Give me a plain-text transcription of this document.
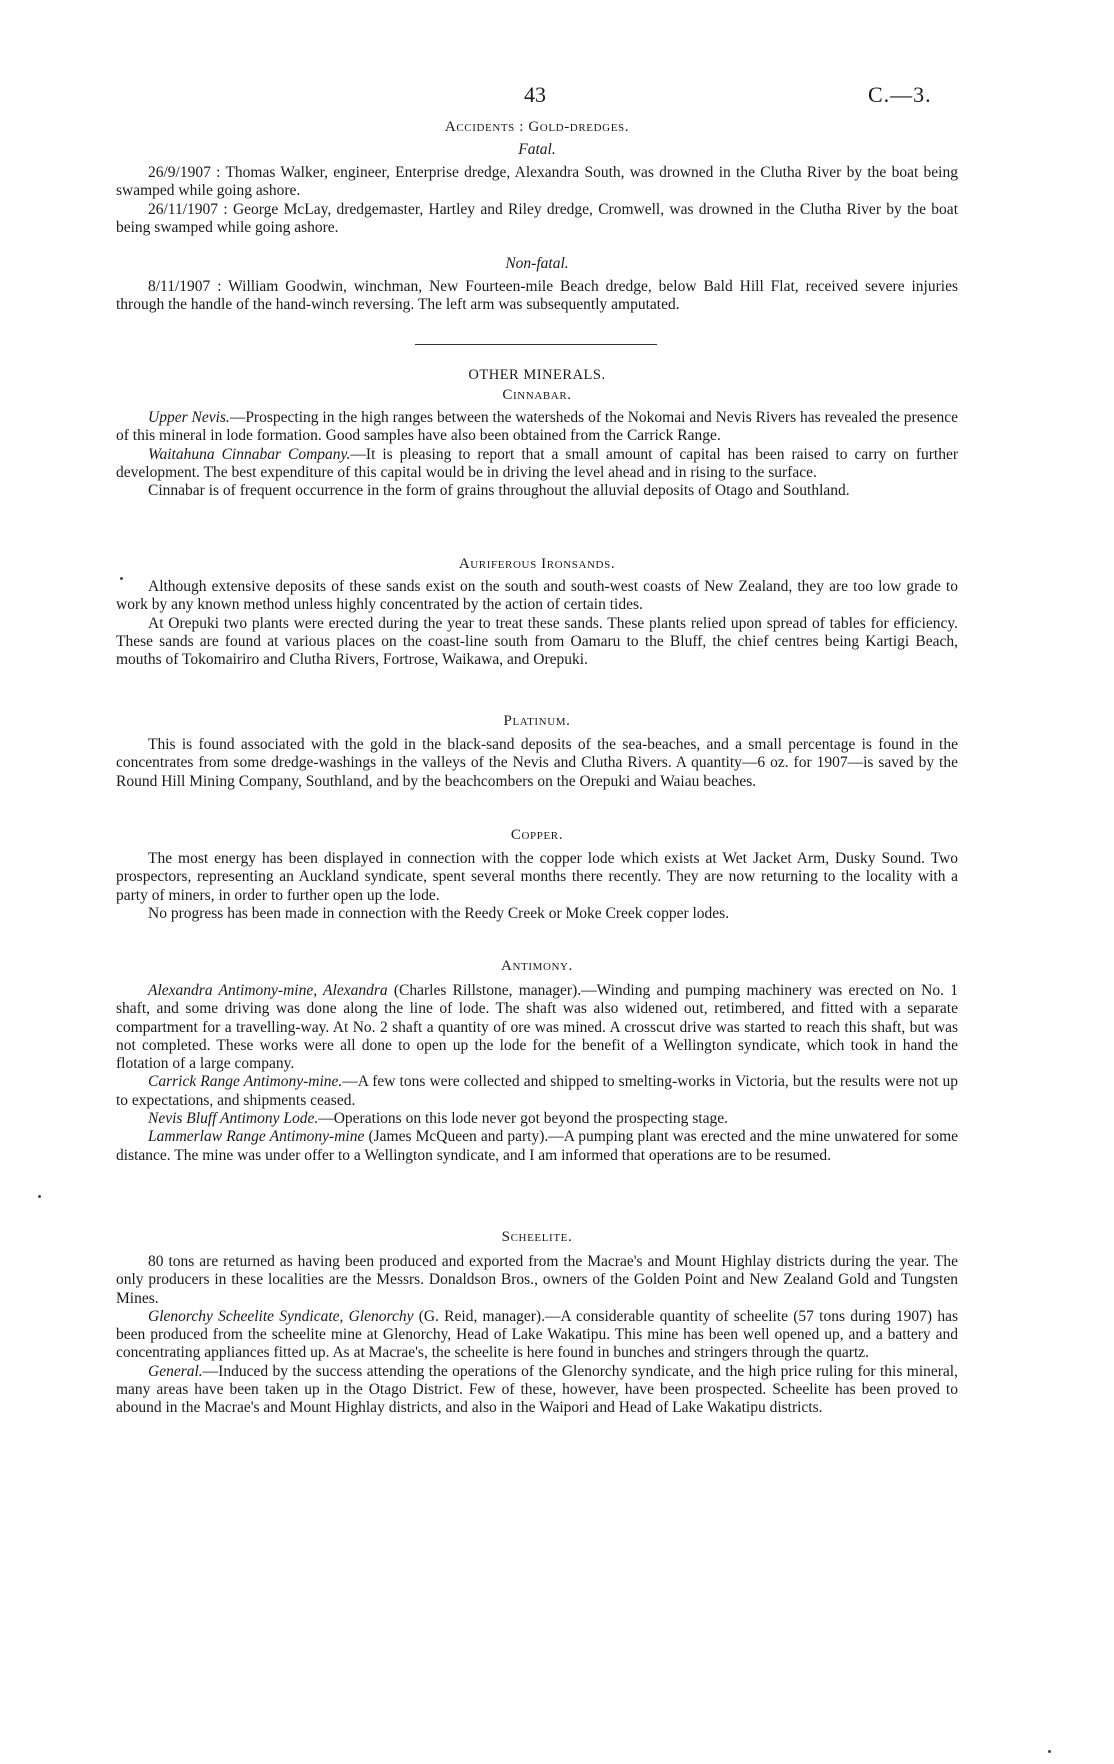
43	C.—3.
Accidents : Gold-dredges.
Fatal.

26/9/1907 : Thomas Walker, engineer, Enterprise dredge, Alexandra South, was drowned in the Clutha River by the boat being swamped while going ashore.

26/11/1907 : George McLay, dredgemaster, Hartley and Riley dredge, Cromwell, was drowned in the Clutha River by the boat being swamped while going ashore.

Non-fatal.

8/11/1907 : William Goodwin, winchman, New Fourteen-mile Beach dredge, below Bald Hill Flat, received severe injuries through the handle of the hand-winch reversing. The left arm was subsequently amputated.

OTHER MINERALS.
Cinnabar.

Upper Nevis.—Prospecting in the high ranges between the watersheds of the Nokomai and Nevis Rivers has revealed the presence of this mineral in lode formation. Good samples have also been obtained from the Carrick Range.

Waitahuna Cinnabar Company.—It is pleasing to report that a small amount of capital has been raised to carry on further development. The best expenditure of this capital would be in driving the level ahead and in rising to the surface.

Cinnabar is of frequent occurrence in the form of grains throughout the alluvial deposits of Otago and Southland.

Auriferous Ironsands.

Although extensive deposits of these sands exist on the south and south-west coasts of New Zealand, they are too low grade to work by any known method unless highly concentrated by the action of certain tides.

At Orepuki two plants were erected during the year to treat these sands. These plants relied upon spread of tables for efficiency. These sands are found at various places on the coast-line south from Oamaru to the Bluff, the chief centres being Kartigi Beach, mouths of Tokomairiro and Clutha Rivers, Fortrose, Waikawa, and Orepuki.

Platinum.

This is found associated with the gold in the black-sand deposits of the sea-beaches, and a small percentage is found in the concentrates from some dredge-washings in the valleys of the Nevis and Clutha Rivers. A quantity—6 oz. for 1907—is saved by the Round Hill Mining Company, Southland, and by the beachcombers on the Orepuki and Waiau beaches.

Copper.

The most energy has been displayed in connection with the copper lode which exists at Wet Jacket Arm, Dusky Sound. Two prospectors, representing an Auckland syndicate, spent several months there recently. They are now returning to the locality with a party of miners, in order to further open up the lode.

No progress has been made in connection with the Reedy Creek or Moke Creek copper lodes.

Antimony.

Alexandra Antimony-mine, Alexandra (Charles Rillstone, manager).—Winding and pumping machinery was erected on No. 1 shaft, and some driving was done along the line of lode. The shaft was also widened out, retimbered, and fitted with a separate compartment for a travelling-way. At No. 2 shaft a quantity of ore was mined. A crosscut drive was started to reach this shaft, but was not completed. These works were all done to open up the lode for the benefit of a Wellington syndicate, which took in hand the flotation of a large company.

Carrick Range Antimony-mine.—A few tons were collected and shipped to smelting-works in Victoria, but the results were not up to expectations, and shipments ceased.

Nevis Bluff Antimony Lode.—Operations on this lode never got beyond the prospecting stage.

Lammerlaw Range Antimony-mine (James McQueen and party).—A pumping plant was erected and the mine unwatered for some distance. The mine was under offer to a Wellington syndicate, and I am informed that operations are to be resumed.

Scheelite.

80 tons are returned as having been produced and exported from the Macrae's and Mount Highlay districts during the year. The only producers in these localities are the Messrs. Donaldson Bros., owners of the Golden Point and New Zealand Gold and Tungsten Mines.

Glenorchy Scheelite Syndicate, Glenorchy (G. Reid, manager).—A considerable quantity of scheelite (57 tons during 1907) has been produced from the scheelite mine at Glenorchy, Head of Lake Wakatipu. This mine has been well opened up, and a battery and concentrating appliances fitted up. As at Macrae's, the scheelite is here found in bunches and stringers through the quartz.

General.—Induced by the success attending the operations of the Glenorchy syndicate, and the high price ruling for this mineral, many areas have been taken up in the Otago District. Few of these, however, have been prospected. Scheelite has been proved to abound in the Macrae's and Mount Highlay districts, and also in the Waipori and Head of Lake Wakatipu districts.
